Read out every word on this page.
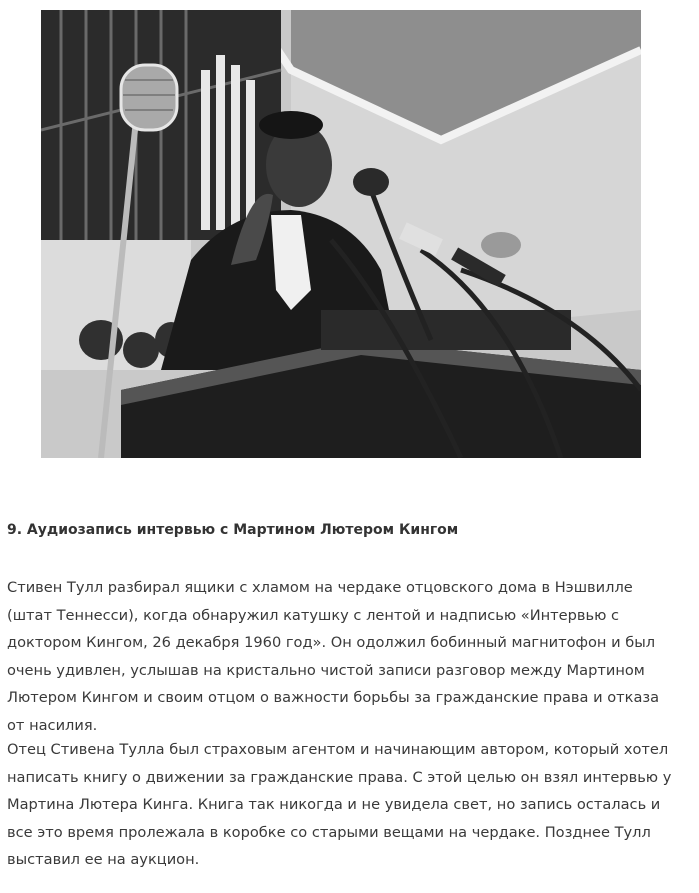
9. Аудиозапись интервью с Мартином Лютером Кингом

Стивен Тулл разбирал ящики с хламом на чердаке отцовского дома в Нэшвилле (штат Теннесси), когда обнаружил катушку с лентой и надписью «Интервью с доктором Кингом, 26 декабря 1960 год». Он одолжил бобинный магнитофон и был очень удивлен, услышав на кристально чистой записи разговор между Мартином Лютером Кингом и своим отцом о важности борьбы за гражданские права и отказа от насилия.

Отец Стивена Тулла был страховым агентом и начинающим автором, который хотел написать книгу о движении за гражданские права. С этой целью он взял интервью у Мартина Лютера Кинга. Книга так никогда и не увидела свет, но запись осталась и все это время пролежала в коробке со старыми вещами на чердаке. Позднее Тулл выставил ее на аукцион.
